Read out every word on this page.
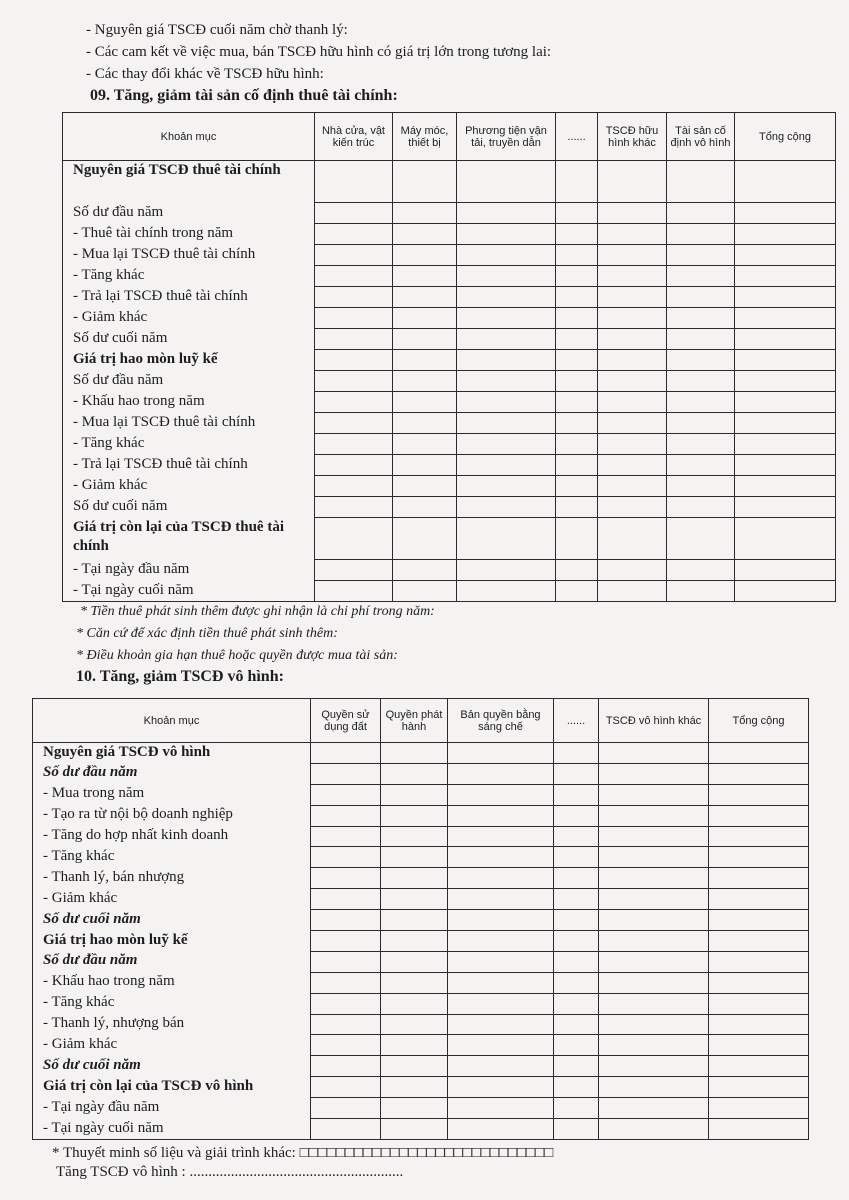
- Nguyên giá TSCĐ cuối năm chờ thanh lý:
- Các cam kết về việc mua, bán TSCĐ hữu hình có giá trị lớn trong tương lai:
- Các thay đổi khác về TSCĐ hữu hình:
09. Tăng, giảm tài sản cố định thuê tài chính:
Khoản mục	Nhà cửa, vật kiến trúc	Máy móc, thiết bị	Phương tiện vận tải, truyền dẫn	......	TSCĐ hữu hình khác	Tài sản cố định vô hình	Tổng cộng
Nguyên giá TSCĐ thuê tài chính							
Số dư đầu năm							
- Thuê tài chính trong năm							
- Mua lại TSCĐ thuê tài chính							
- Tăng khác							
- Trả lại TSCĐ thuê tài chính							
- Giảm khác							
Số dư cuối năm							
Giá trị hao mòn luỹ kế							
Số dư đầu năm							
- Khấu hao trong năm							
- Mua lại TSCĐ thuê tài chính							
- Tăng khác							
- Trả lại TSCĐ thuê tài chính							
- Giảm khác							
Số dư cuối năm							
Giá trị còn lại của TSCĐ thuê tài chính							
- Tại ngày đầu năm							
- Tại ngày cuối năm							
* Tiền thuê phát sinh thêm được ghi nhận là chi phí trong năm:
* Căn cứ để xác định tiền thuê phát sinh thêm:
* Điều khoản gia hạn thuê hoặc quyền được mua tài sản:
10. Tăng, giảm TSCĐ vô hình:
Khoản mục	Quyền sử dụng đất	Quyền phát hành	Bản quyền bằng sáng chế	......	TSCĐ vô hình khác	Tổng cộng
Nguyên giá TSCĐ vô hình						
Số dư đầu năm						
- Mua trong năm						
- Tạo ra từ nội bộ doanh nghiệp						
- Tăng do hợp nhất kinh doanh						
- Tăng khác						
- Thanh lý, bán nhượng						
- Giảm khác						
Số dư cuối năm						
Giá trị hao mòn luỹ kế						
Số dư đầu năm						
- Khấu hao trong năm						
- Tăng khác						
- Thanh lý, nhượng bán						
- Giảm khác						
Số dư cuối năm						
Giá trị còn lại của TSCĐ vô hình						
- Tại ngày đầu năm						
- Tại ngày cuối năm						
* Thuyết minh số liệu và giải trình khác: □□□□□□□□□□□□□□□□□□□□□□□□□□□□
Tăng TSCĐ vô hình : .........................................................
